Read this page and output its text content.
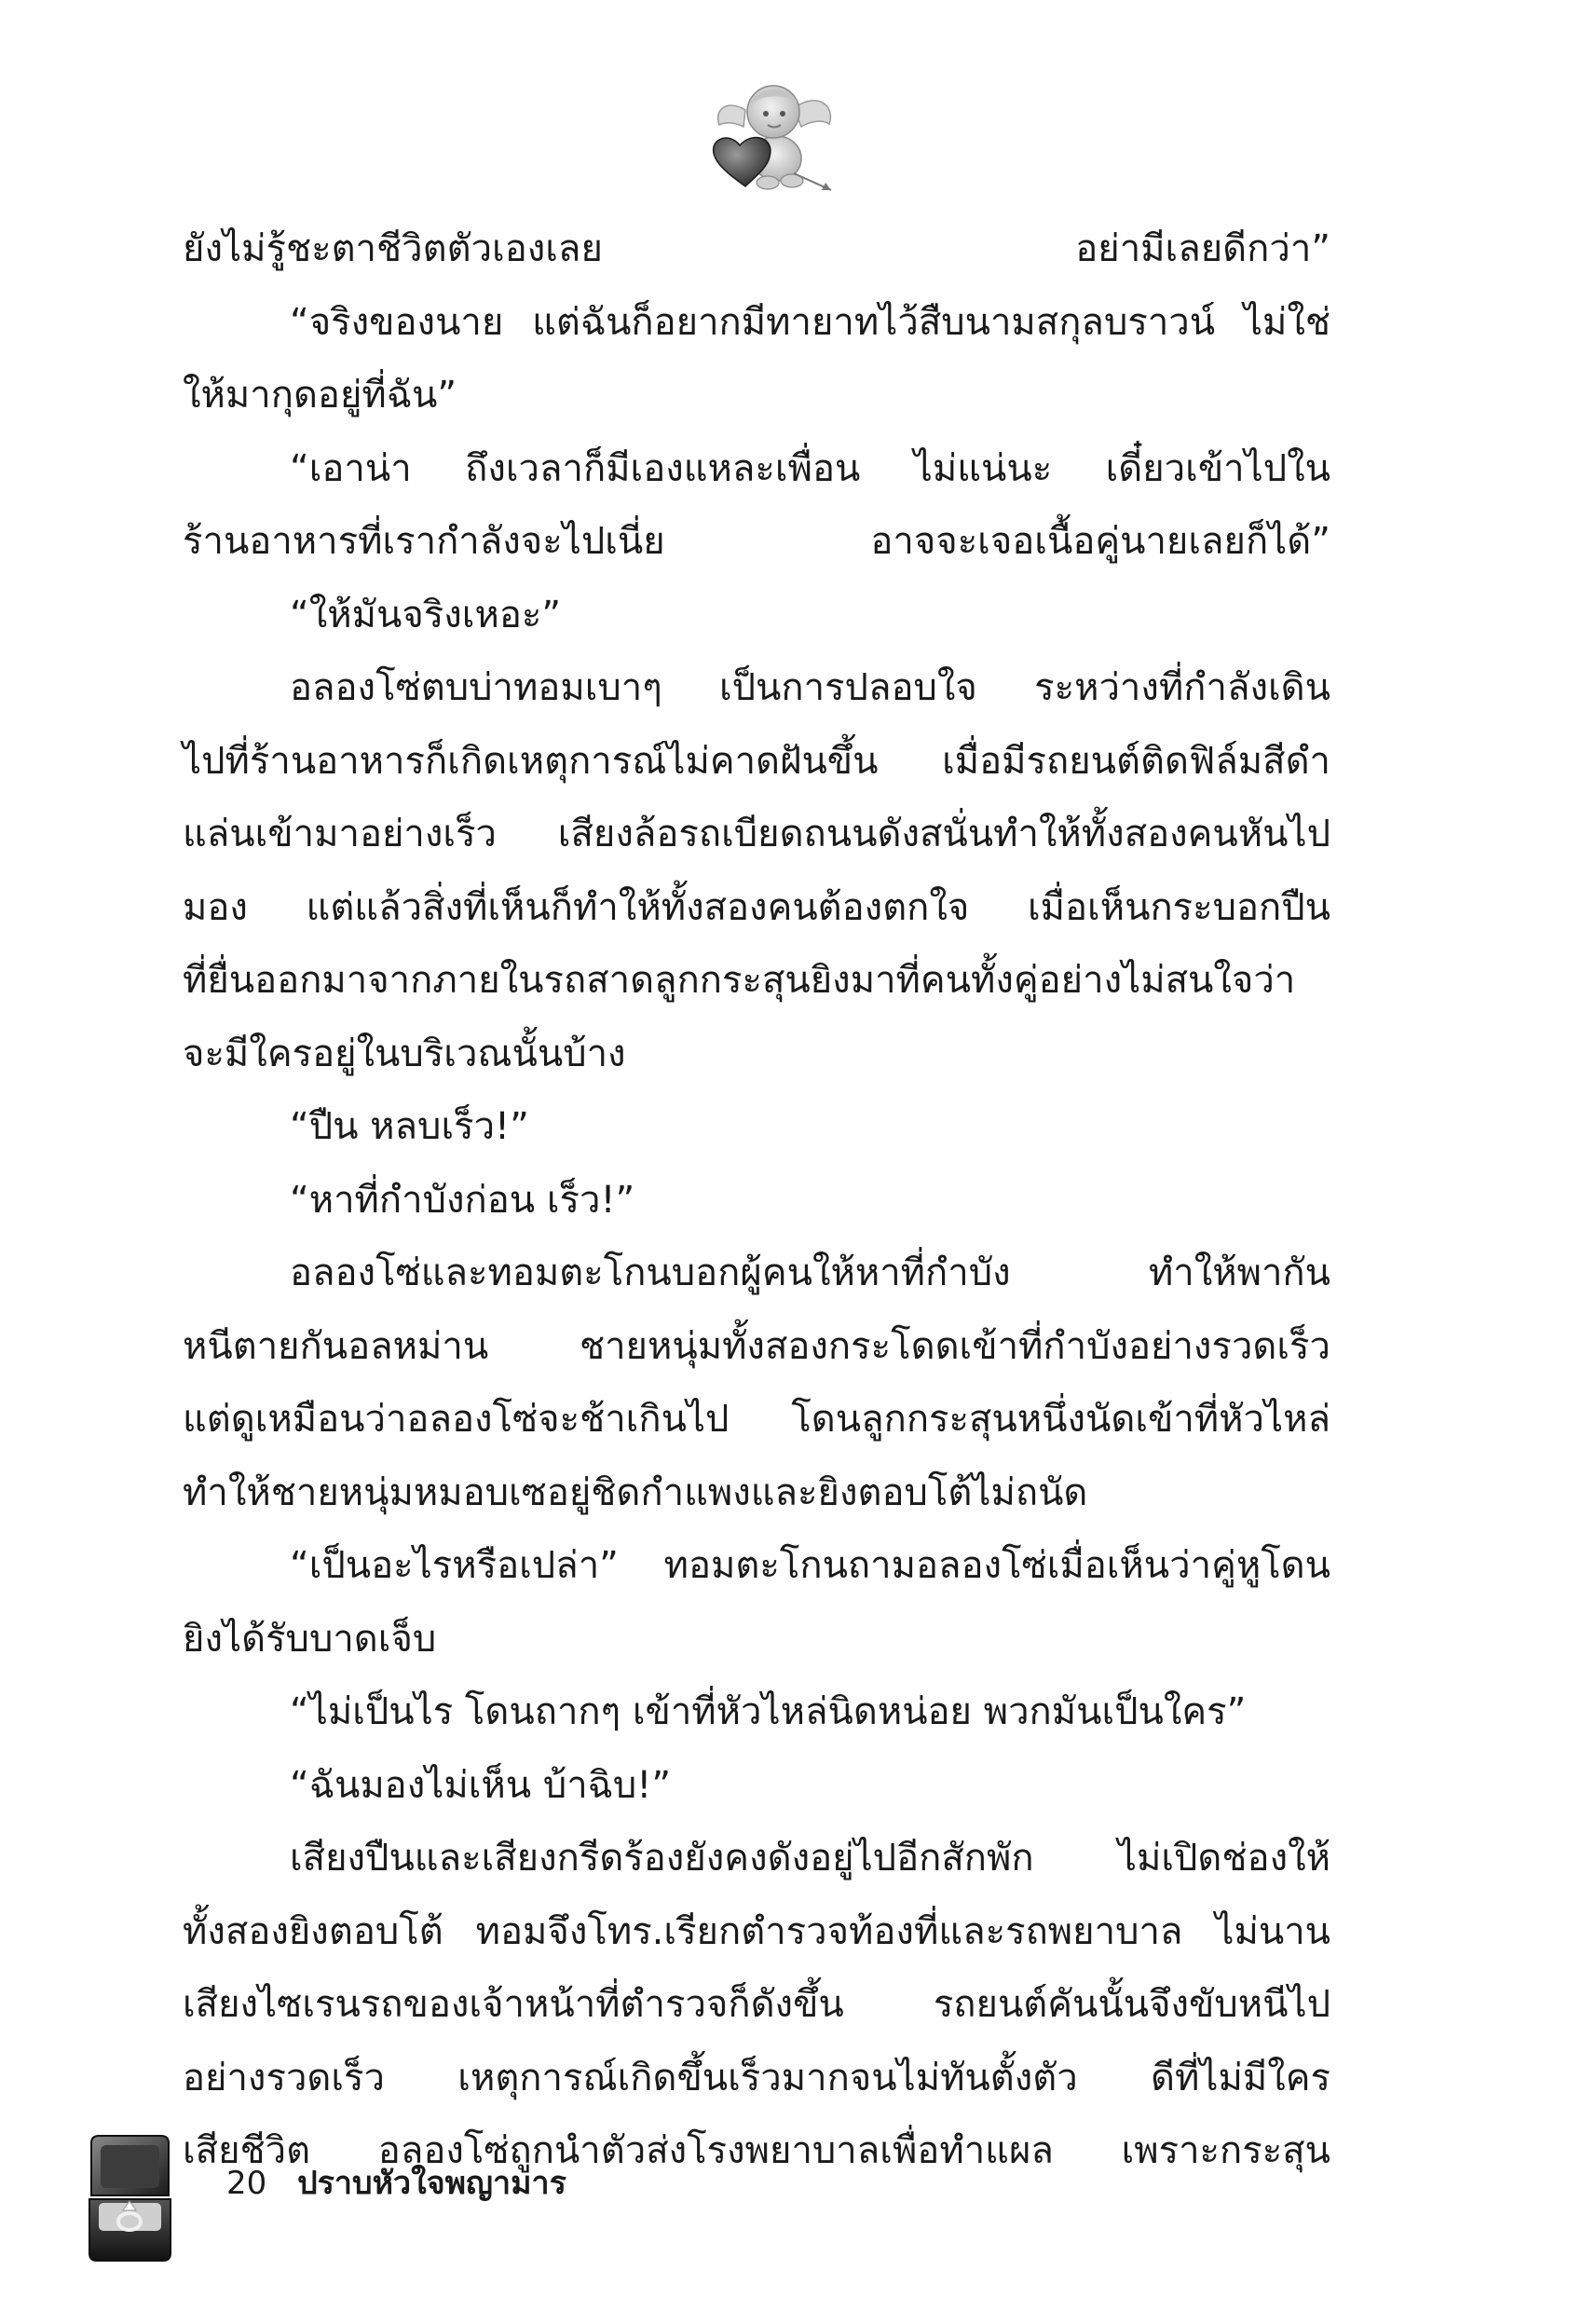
ยังไม่รู้ชะตาชีวิตตัวเองเลย อย่ามีเลยดีกว่า”
“จริงของนาย แต่ฉันก็อยากมีทายาทไว้สืบนามสกุลบราวน์ ไม่ใช่
ให้มากุดอยู่ที่ฉัน”
“เอาน่า ถึงเวลาก็มีเองแหละเพื่อน ไม่แน่นะ เดี๋ยวเข้าไปใน
ร้านอาหารที่เรากำลังจะไปเนี่ย อาจจะเจอเนื้อคู่นายเลยก็ได้”
“ให้มันจริงเหอะ”
อลองโซ่ตบบ่าทอมเบาๆ เป็นการปลอบใจ ระหว่างที่กำลังเดิน
ไปที่ร้านอาหารก็เกิดเหตุการณ์ไม่คาดฝันขึ้น เมื่อมีรถยนต์ติดฟิล์มสีดำ
แล่นเข้ามาอย่างเร็ว เสียงล้อรถเบียดถนนดังสนั่นทำให้ทั้งสองคนหันไป
มอง แต่แล้วสิ่งที่เห็นก็ทำให้ทั้งสองคนต้องตกใจ เมื่อเห็นกระบอกปืน
ที่ยื่นออกมาจากภายในรถสาดลูกกระสุนยิงมาที่คนทั้งคู่อย่างไม่สนใจว่า
จะมีใครอยู่ในบริเวณนั้นบ้าง
“ปืน หลบเร็ว!”
“หาที่กำบังก่อน เร็ว!”
อลองโซ่และทอมตะโกนบอกผู้คนให้หาที่กำบัง ทำให้พากัน
หนีตายกันอลหม่าน ชายหนุ่มทั้งสองกระโดดเข้าที่กำบังอย่างรวดเร็ว
แต่ดูเหมือนว่าอลองโซ่จะช้าเกินไป โดนลูกกระสุนหนึ่งนัดเข้าที่หัวไหล่
ทำให้ชายหนุ่มหมอบเซอยู่ชิดกำแพงและยิงตอบโต้ไม่ถนัด
“เป็นอะไรหรือเปล่า” ทอมตะโกนถามอลองโซ่เมื่อเห็นว่าคู่หูโดน
ยิงได้รับบาดเจ็บ
“ไม่เป็นไร โดนถากๆ เข้าที่หัวไหล่นิดหน่อย พวกมันเป็นใคร”
“ฉันมองไม่เห็น บ้าฉิบ!”
เสียงปืนและเสียงกรีดร้องยังคงดังอยู่ไปอีกสักพัก ไม่เปิดช่องให้
ทั้งสองยิงตอบโต้ ทอมจึงโทร.เรียกตำรวจท้องที่และรถพยาบาล ไม่นาน
เสียงไซเรนรถของเจ้าหน้าที่ตำรวจก็ดังขึ้น รถยนต์คันนั้นจึงขับหนีไป
อย่างรวดเร็ว เหตุการณ์เกิดขึ้นเร็วมากจนไม่ทันตั้งตัว ดีที่ไม่มีใคร
เสียชีวิต อลองโซ่ถูกนำตัวส่งโรงพยาบาลเพื่อทำแผล เพราะกระสุน
20 ปราบหัวใจพญามาร
